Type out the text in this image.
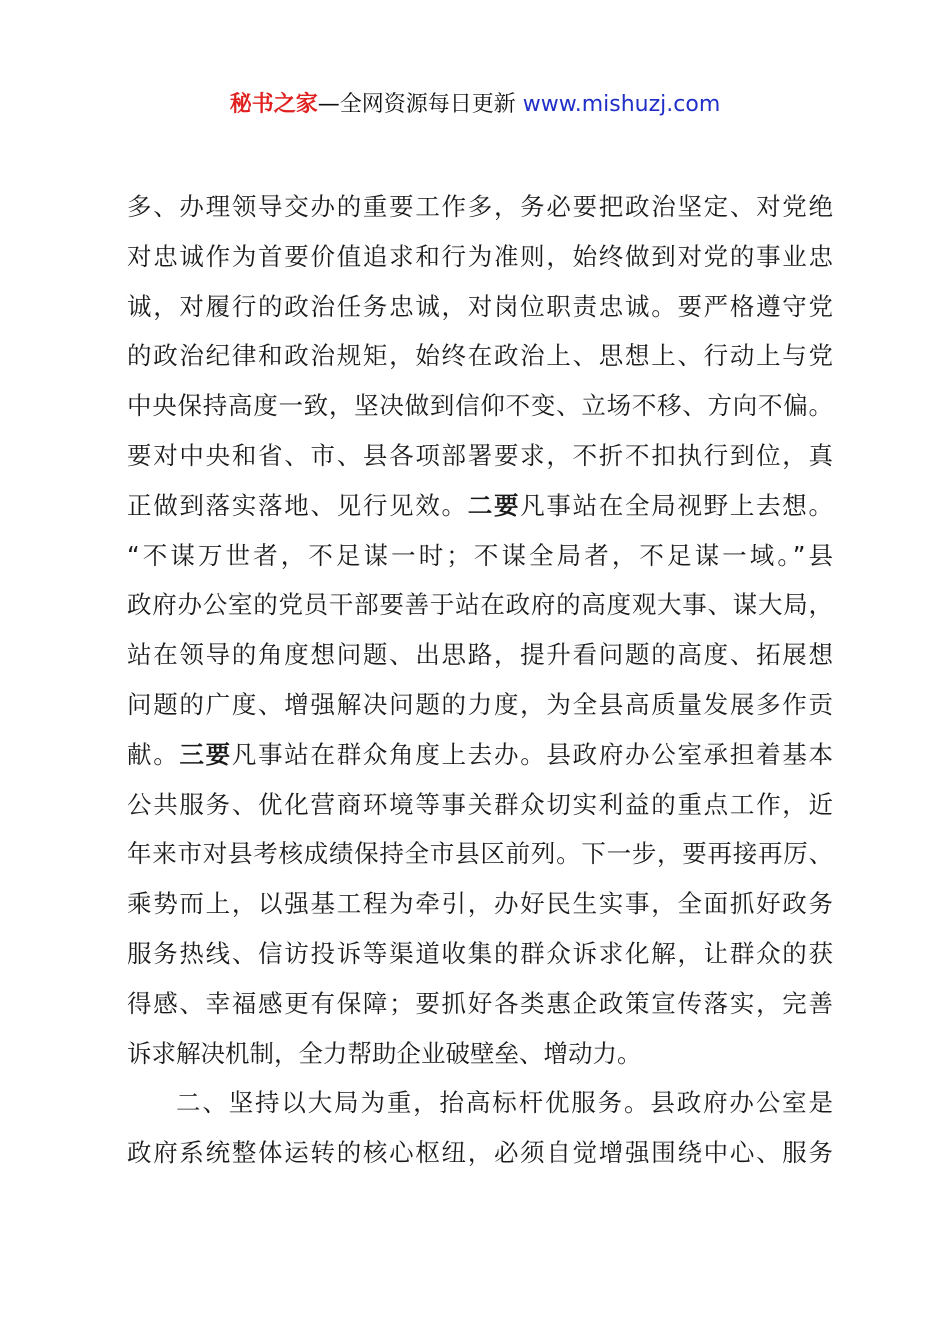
秘书之家—全网资源每日更新 www.mishuzj.com
多、办理领导交办的重要工作多，务必要把政治坚定、对党绝
对忠诚作为首要价值追求和行为准则，始终做到对党的事业忠
诚，对履行的政治任务忠诚，对岗位职责忠诚。要严格遵守党
的政治纪律和政治规矩，始终在政治上、思想上、行动上与党
中央保持高度一致，坚决做到信仰不变、立场不移、方向不偏。
要对中央和省、市、县各项部署要求，不折不扣执行到位，真
正做到落实落地、见行见效。二要凡事站在全局视野上去想。
“不谋万世者，不足谋一时；不谋全局者，不足谋一域。”县
政府办公室的党员干部要善于站在政府的高度观大事、谋大局，
站在领导的角度想问题、出思路，提升看问题的高度、拓展想
问题的广度、增强解决问题的力度，为全县高质量发展多作贡
献。三要凡事站在群众角度上去办。县政府办公室承担着基本
公共服务、优化营商环境等事关群众切实利益的重点工作，近
年来市对县考核成绩保持全市县区前列。下一步，要再接再厉、
乘势而上，以强基工程为牵引，办好民生实事，全面抓好政务
服务热线、信访投诉等渠道收集的群众诉求化解，让群众的获
得感、幸福感更有保障；要抓好各类惠企政策宣传落实，完善
诉求解决机制，全力帮助企业破壁垒、增动力。
二、坚持以大局为重，抬高标杆优服务。县政府办公室是
政府系统整体运转的核心枢纽，必须自觉增强围绕中心、服务
